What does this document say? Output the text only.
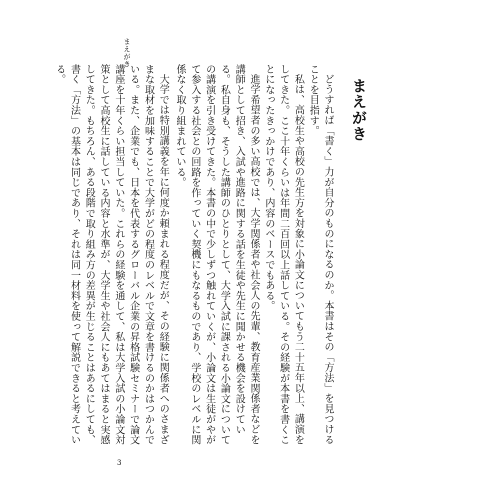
まえがき
まえがき

どうすれば「書く」力が自分のものになるのか。本書はその「方法」を見つけることを目指す。

私は、高校生や高校の先生方を対象に小論文についてもう二十五年以上、講演をしてきた。ここ十年くらいは年間二百回以上話している。その経験が本書を書くことになったきっかけであり、内容のベースでもある。

進学希望者の多い高校では、大学関係者や社会人の先輩、教育産業関係者などを講師として招き、入試や進路に関する話を生徒や先生に聞かせる機会を設けている。私自身も、そうした講師のひとりとして、大学入試に課される小論文についての講演を引き受けてきた。本書の中で少しずつ触れていくが、小論文は生徒がやがて参入する社会との回路を作っていく契機にもなるものであり、学校のレベルに関係なく取り組まれている。

大学では特別講義を年に何度か頼まれる程度だが、その経験に関係者へのさまざまな取材を加味することで大学がどの程度のレベルで文章を書けるのかはつかんでいる。また、企業でも、日本を代表するグローバル企業の昇格試験セミナーで論文講座を十年くらい担当していた。これらの経験を通して、私は大学入試の小論文対策として高校生に話している内容と水準が、大学生や社会人にもあてはまると実感してきた。もちろん、ある段階で取り組み方の差異が生じることはあるにしても、書く「方法」の基本は同じであり、それは同一材料を使って解説できると考えている。

3
